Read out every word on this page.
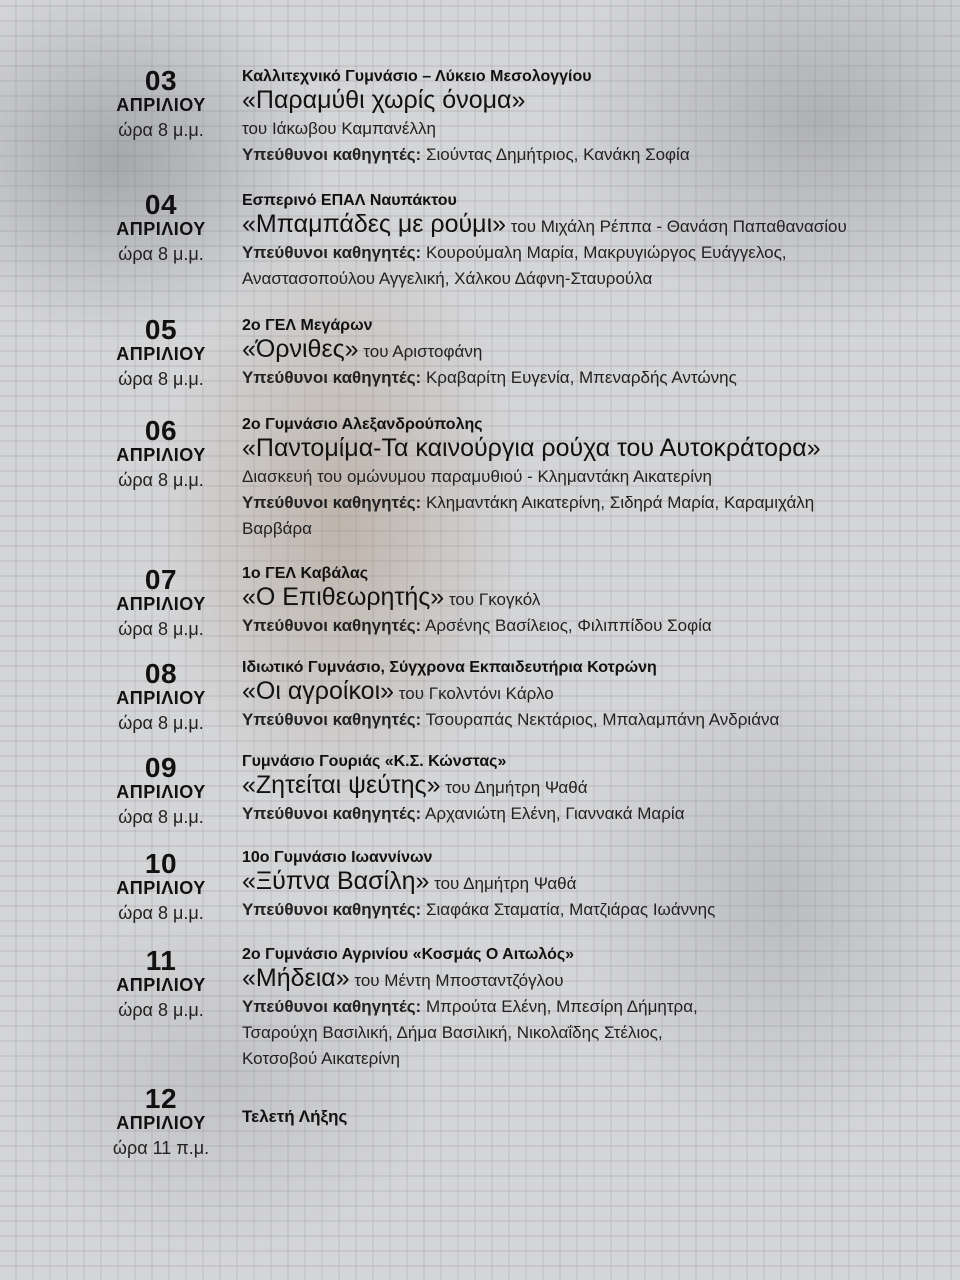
03
ΑΠΡΙΛΙΟΥ
ώρα 8 μ.μ.
Καλλιτεχνικό Γυμνάσιο – Λύκειο Μεσολογγίου
«Παραμύθι χωρίς όνομα»
του Ιάκωβου Καμπανέλλη
Υπεύθυνοι καθηγητές: Σιούντας Δημήτριος, Κανάκη Σοφία
04
ΑΠΡΙΛΙΟΥ
ώρα 8 μ.μ.
Εσπερινό ΕΠΑΛ Ναυπάκτου
«Μπαμπάδες με ρούμι» του Μιχάλη Ρέππα - Θανάση Παπαθανασίου
Υπεύθυνοι καθηγητές: Κουρούμαλη Μαρία, Μακρυγιώργος Ευάγγελος,
Αναστασοπούλου Αγγελική, Χάλκου Δάφνη-Σταυρούλα
05
ΑΠΡΙΛΙΟΥ
ώρα 8 μ.μ.
2ο ΓΕΛ Μεγάρων
«Όρνιθες» του Αριστοφάνη
Υπεύθυνοι καθηγητές: Κραβαρίτη Ευγενία, Μπεναρδής Αντώνης
06
ΑΠΡΙΛΙΟΥ
ώρα 8 μ.μ.
2ο Γυμνάσιο Αλεξανδρούπολης
«Παντομίμα-Τα καινούργια ρούχα του Αυτοκράτορα»
Διασκευή του ομώνυμου παραμυθιού - Κλημαντάκη Αικατερίνη
Υπεύθυνοι καθηγητές: Κλημαντάκη Αικατερίνη, Σιδηρά Μαρία, Καραμιχάλη
Βαρβάρα
07
ΑΠΡΙΛΙΟΥ
ώρα 8 μ.μ.
1ο ΓΕΛ Καβάλας
«Ο Επιθεωρητής» του Γκογκόλ
Υπεύθυνοι καθηγητές: Αρσένης Βασίλειος, Φιλιππίδου Σοφία
08
ΑΠΡΙΛΙΟΥ
ώρα 8 μ.μ.
Ιδιωτικό Γυμνάσιο, Σύγχρονα Εκπαιδευτήρια Κοτρώνη
«Οι αγροίκοι» του Γκολντόνι Κάρλο
Υπεύθυνοι καθηγητές: Τσουραπάς Νεκτάριος, Μπαλαμπάνη Ανδριάνα
09
ΑΠΡΙΛΙΟΥ
ώρα 8 μ.μ.
Γυμνάσιο Γουριάς «Κ.Σ. Κώνστας»
«Ζητείται ψεύτης» του Δημήτρη Ψαθά
Υπεύθυνοι καθηγητές: Αρχανιώτη Ελένη, Γιαννακά Μαρία
10
ΑΠΡΙΛΙΟΥ
ώρα 8 μ.μ.
10ο Γυμνάσιο Ιωαννίνων
«Ξύπνα Βασίλη» του Δημήτρη Ψαθά
Υπεύθυνοι καθηγητές: Σιαφάκα Σταματία, Ματζιάρας Ιωάννης
11
ΑΠΡΙΛΙΟΥ
ώρα 8 μ.μ.
2ο Γυμνάσιο Αγρινίου «Κοσμάς Ο Αιτωλός»
«Μήδεια» του Μέντη Μποσταντζόγλου
Υπεύθυνοι καθηγητές: Μπρούτα Ελένη, Μπεσίρη Δήμητρα,
Τσαρούχη Βασιλική, Δήμα Βασιλική, Νικολαΐδης Στέλιος,
Κοτσοβού Αικατερίνη
12
ΑΠΡΙΛΙΟΥ
ώρα 11 π.μ.
Τελετή Λήξης
